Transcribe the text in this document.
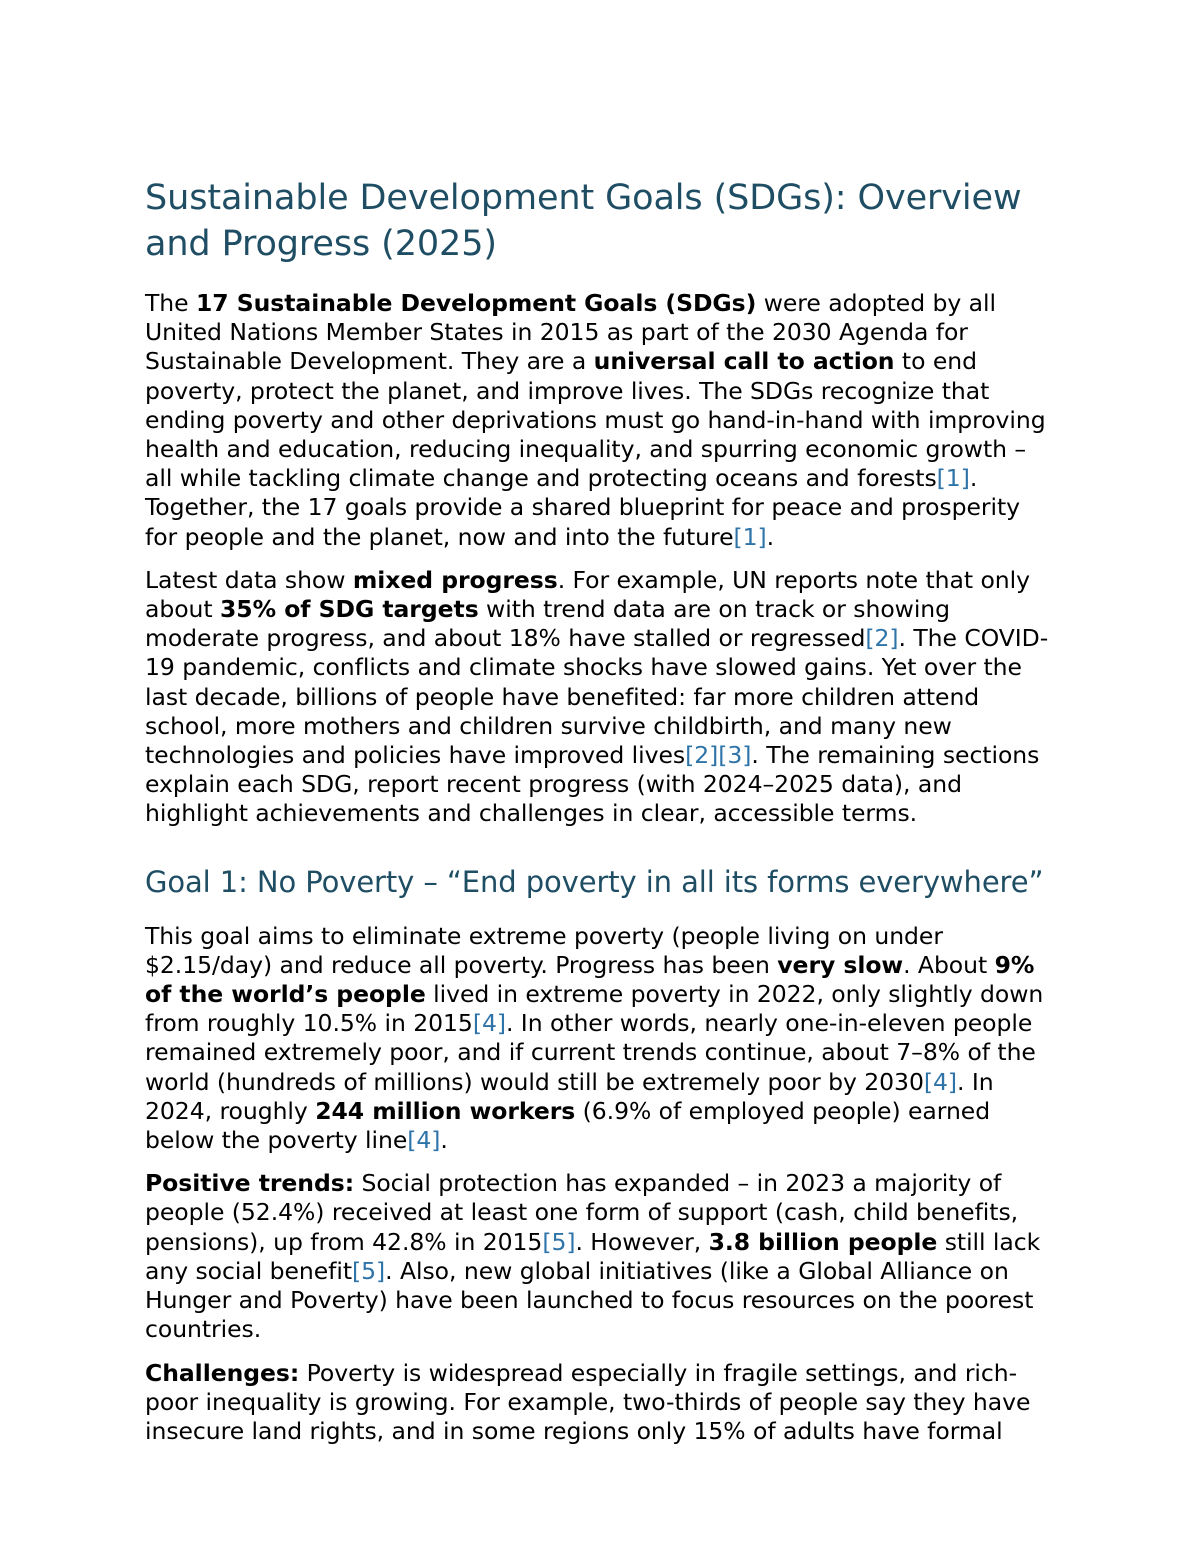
Sustainable Development Goals (SDGs): Overview and Progress (2025)

The 17 Sustainable Development Goals (SDGs) were adopted by all United Nations Member States in 2015 as part of the 2030 Agenda for Sustainable Development. They are a universal call to action to end poverty, protect the planet, and improve lives. The SDGs recognize that ending poverty and other deprivations must go hand-in-hand with improving health and education, reducing inequality, and spurring economic growth – all while tackling climate change and protecting oceans and forests[1]. Together, the 17 goals provide a shared blueprint for peace and prosperity for people and the planet, now and into the future[1].

Latest data show mixed progress. For example, UN reports note that only about 35% of SDG targets with trend data are on track or showing moderate progress, and about 18% have stalled or regressed[2]. The COVID-19 pandemic, conflicts and climate shocks have slowed gains. Yet over the last decade, billions of people have benefited: far more children attend school, more mothers and children survive childbirth, and many new technologies and policies have improved lives[2][3]. The remaining sections explain each SDG, report recent progress (with 2024–2025 data), and highlight achievements and challenges in clear, accessible terms.

Goal 1: No Poverty – “End poverty in all its forms everywhere”

This goal aims to eliminate extreme poverty (people living on under $2.15/day) and reduce all poverty. Progress has been very slow. About 9% of the world’s people lived in extreme poverty in 2022, only slightly down from roughly 10.5% in 2015[4]. In other words, nearly one-in-eleven people remained extremely poor, and if current trends continue, about 7–8% of the world (hundreds of millions) would still be extremely poor by 2030[4]. In 2024, roughly 244 million workers (6.9% of employed people) earned below the poverty line[4].

Positive trends: Social protection has expanded – in 2023 a majority of people (52.4%) received at least one form of support (cash, child benefits, pensions), up from 42.8% in 2015[5]. However, 3.8 billion people still lack any social benefit[5]. Also, new global initiatives (like a Global Alliance on Hunger and Poverty) have been launched to focus resources on the poorest countries.

Challenges: Poverty is widespread especially in fragile settings, and rich-poor inequality is growing. For example, two-thirds of people say they have insecure land rights, and in some regions only 15% of adults have formal
